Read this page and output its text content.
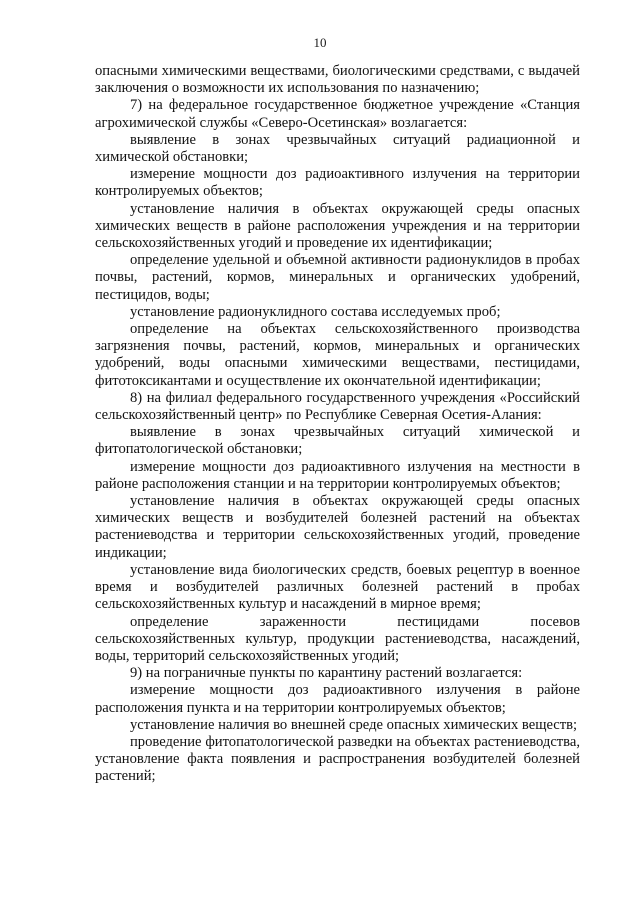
10

опасными химическими веществами, биологическими средствами, с выдачей заключения о возможности их использования по назначению;

7) на федеральное государственное бюджетное учреждение «Станция агрохимической службы «Северо-Осетинская» возлагается:

выявление в зонах чрезвычайных ситуаций радиационной и химической обстановки;

измерение мощности доз радиоактивного излучения на территории контролируемых объектов;

установление наличия в объектах окружающей среды опасных химических веществ в районе расположения учреждения и на территории сельскохозяйственных угодий и проведение их идентификации;

определение удельной и объемной активности радионуклидов в пробах почвы, растений, кормов, минеральных и органических удобрений, пестицидов, воды;

установление радионуклидного состава исследуемых проб;

определение на объектах сельскохозяйственного производства загрязнения почвы, растений, кормов, минеральных и органических удобрений, воды опасными химическими веществами, пестицидами, фитотоксикантами и осуществление их окончательной идентификации;

8) на филиал федерального государственного учреждения «Российский сельскохозяйственный центр» по Республике Северная Осетия-Алания:

выявление в зонах чрезвычайных ситуаций химической и фитопатологической обстановки;

измерение мощности доз радиоактивного излучения на местности в районе расположения станции и на территории контролируемых объектов;

установление наличия в объектах окружающей среды опасных химических веществ и возбудителей болезней растений на объектах растениеводства и территории сельскохозяйственных угодий, проведение индикации;

установление вида биологических средств, боевых рецептур в военное время и возбудителей различных болезней растений в пробах сельскохозяйственных культур и насаждений в мирное время;

определение зараженности пестицидами посевов сельскохозяйственных культур, продукции растениеводства, насаждений, воды, территорий сельскохозяйственных угодий;

9) на пограничные пункты по карантину растений возлагается:

измерение мощности доз радиоактивного излучения в районе расположения пункта и на территории контролируемых объектов;

установление наличия во внешней среде опасных химических веществ;

проведение фитопатологической разведки на объектах растениеводства, установление факта появления и распространения возбудителей болезней растений;
